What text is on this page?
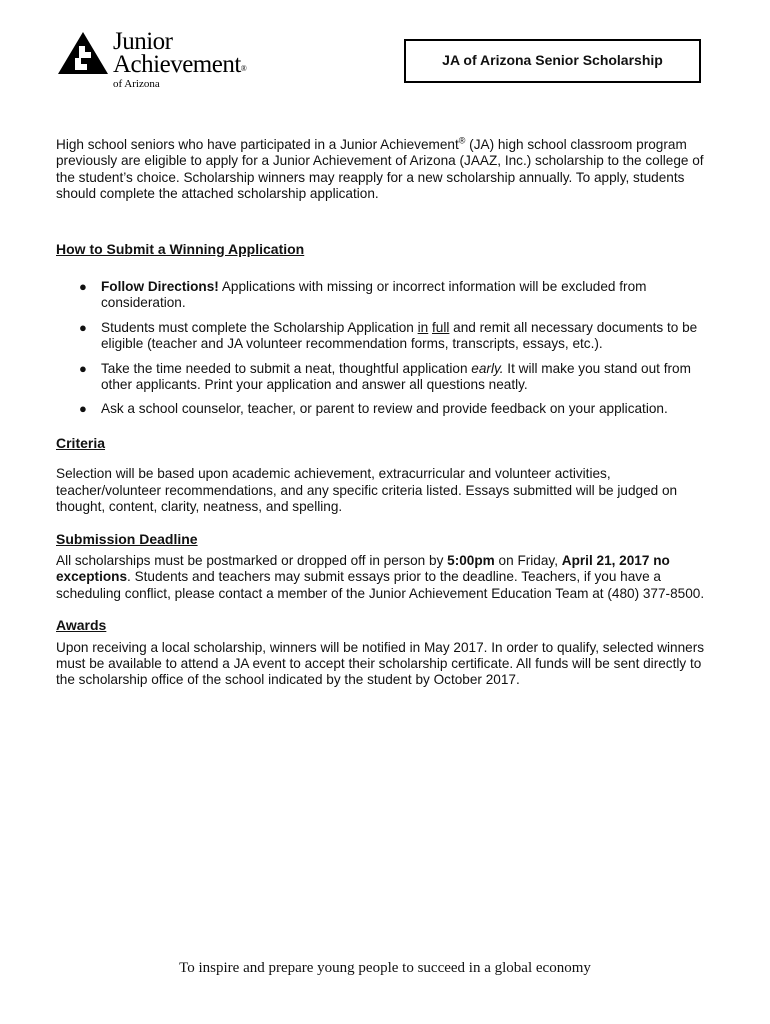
Junior
Achievement®
of Arizona
JA of Arizona Senior Scholarship

High school seniors who have participated in a Junior Achievement® (JA) high school classroom program previously are eligible to apply for a Junior Achievement of Arizona (JAAZ, Inc.) scholarship to the college of the student’s choice. Scholarship winners may reapply for a new scholarship annually. To apply, students should complete the attached scholarship application.

How to Submit a Winning Application

● Follow Directions! Applications with missing or incorrect information will be excluded from consideration.
● Students must complete the Scholarship Application in full and remit all necessary documents to be eligible (teacher and JA volunteer recommendation forms, transcripts, essays, etc.).
● Take the time needed to submit a neat, thoughtful application early. It will make you stand out from other applicants. Print your application and answer all questions neatly.
● Ask a school counselor, teacher, or parent to review and provide feedback on your application.

Criteria

Selection will be based upon academic achievement, extracurricular and volunteer activities, teacher/volunteer recommendations, and any specific criteria listed. Essays submitted will be judged on thought, content, clarity, neatness, and spelling.

Submission Deadline

All scholarships must be postmarked or dropped off in person by 5:00pm on Friday, April 21, 2017 no exceptions. Students and teachers may submit essays prior to the deadline. Teachers, if you have a scheduling conflict, please contact a member of the Junior Achievement Education Team at (480) 377-8500.

Awards

Upon receiving a local scholarship, winners will be notified in May 2017. In order to qualify, selected winners must be available to attend a JA event to accept their scholarship certificate. All funds will be sent directly to the scholarship office of the school indicated by the student by October 2017.

To inspire and prepare young people to succeed in a global economy
